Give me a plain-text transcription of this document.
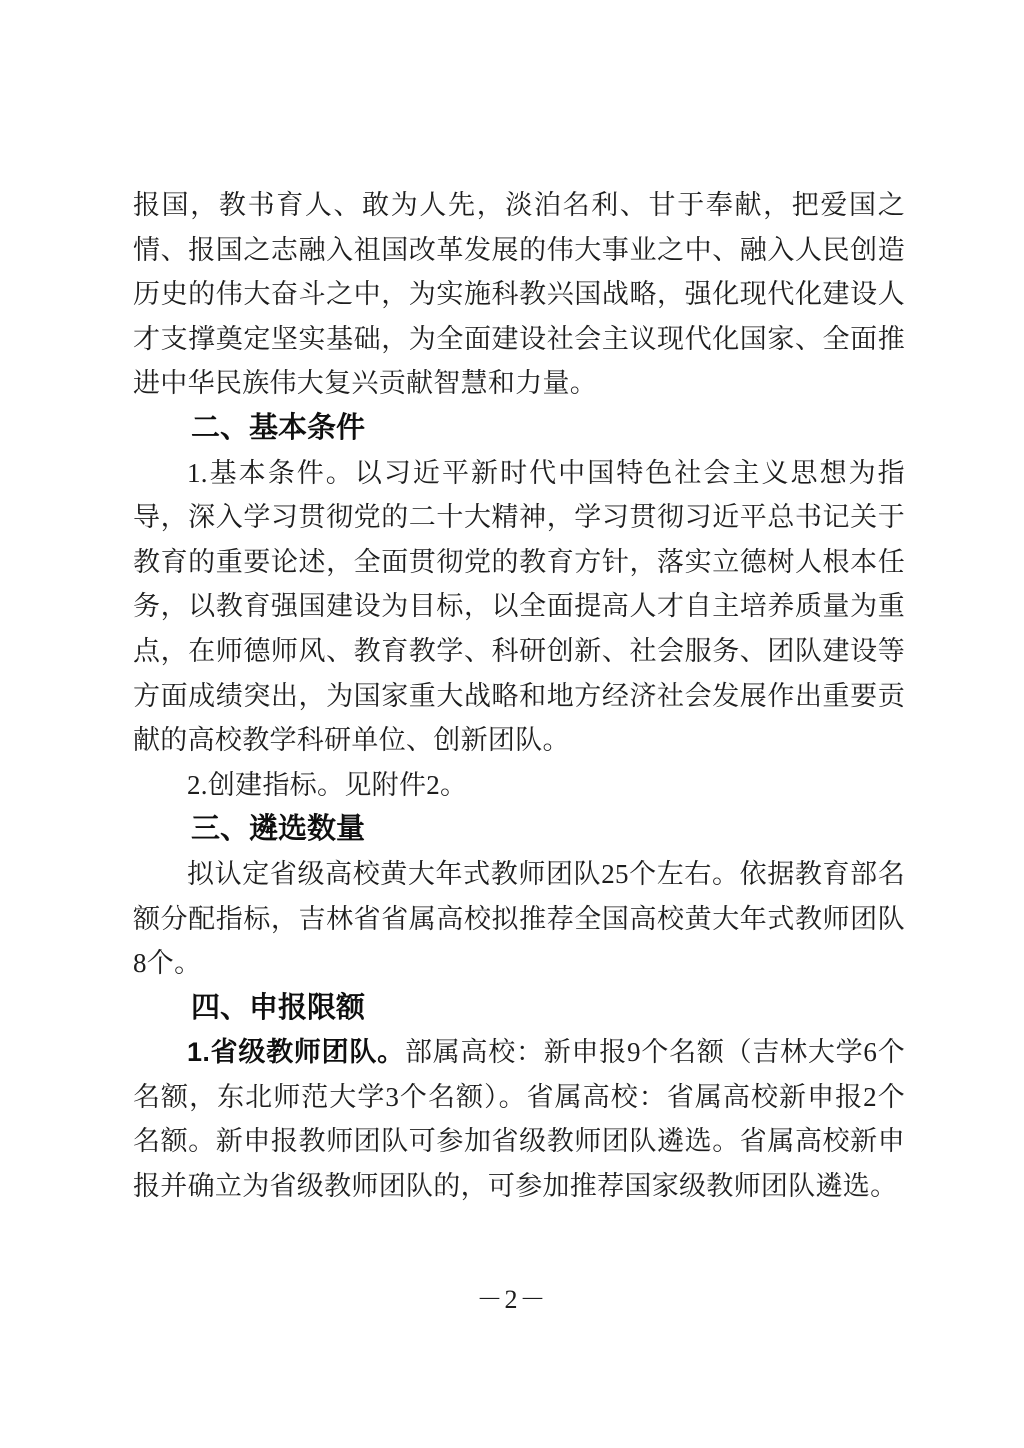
报国，教书育人、敢为人先，淡泊名利、甘于奉献，把爱国之情、报国之志融入祖国改革发展的伟大事业之中、融入人民创造历史的伟大奋斗之中，为实施科教兴国战略，强化现代化建设人才支撑奠定坚实基础，为全面建设社会主议现代化国家、全面推进中华民族伟大复兴贡献智慧和力量。

二、基本条件

1.基本条件。以习近平新时代中国特色社会主义思想为指导，深入学习贯彻党的二十大精神，学习贯彻习近平总书记关于教育的重要论述，全面贯彻党的教育方针，落实立德树人根本任务，以教育强国建设为目标，以全面提高人才自主培养质量为重点，在师德师风、教育教学、科研创新、社会服务、团队建设等方面成绩突出，为国家重大战略和地方经济社会发展作出重要贡献的高校教学科研单位、创新团队。

2.创建指标。见附件2。

三、遴选数量

拟认定省级高校黄大年式教师团队25个左右。依据教育部名额分配指标，吉林省省属高校拟推荐全国高校黄大年式教师团队8个。

四、申报限额

1.省级教师团队。部属高校：新申报9个名额（吉林大学6个名额，东北师范大学3个名额）。省属高校：省属高校新申报2个名额。新申报教师团队可参加省级教师团队遴选。省属高校新申报并确立为省级教师团队的，可参加推荐国家级教师团队遴选。

－2－
